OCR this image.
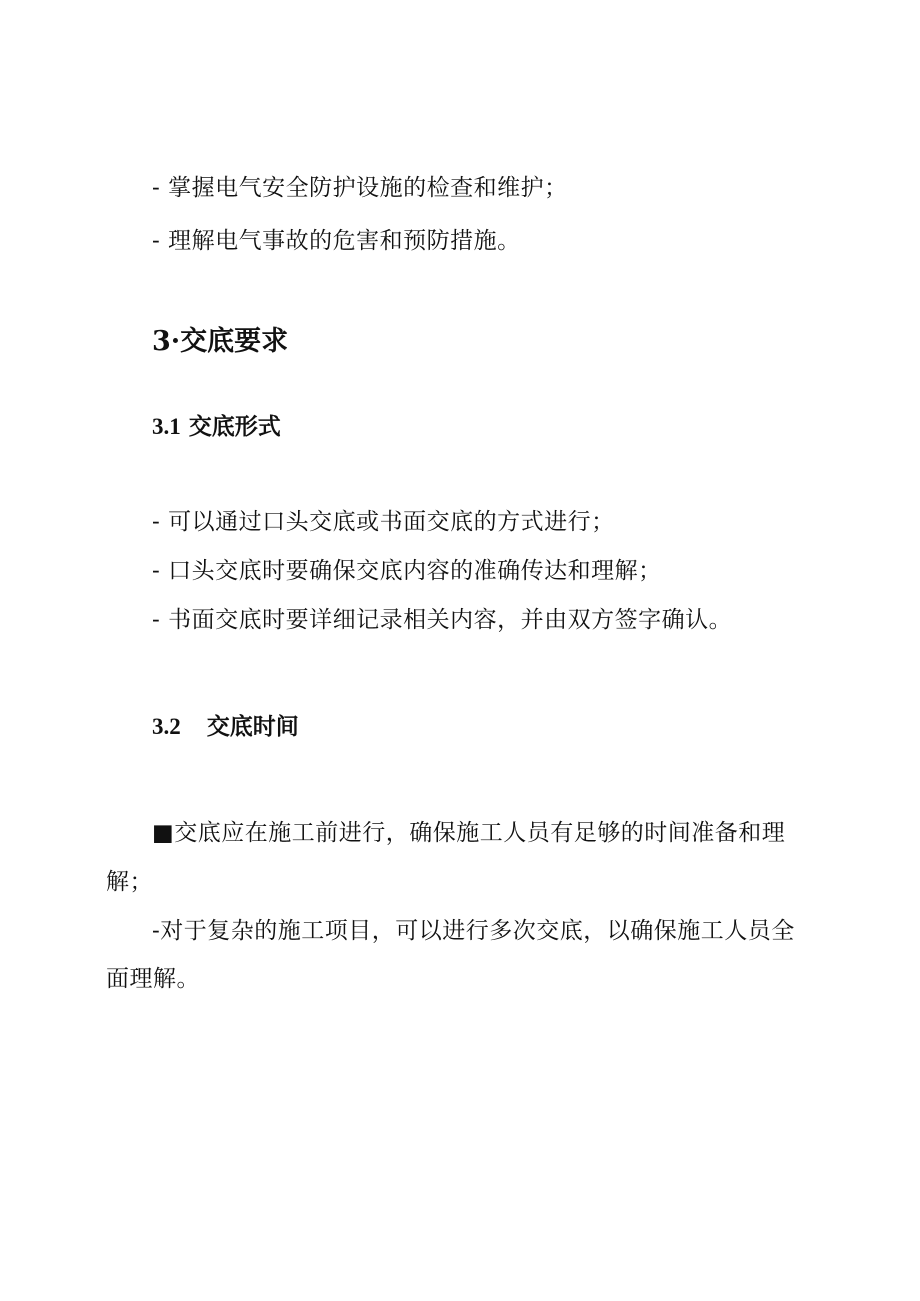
- 掌握电气安全防护设施的检查和维护；
- 理解电气事故的危害和预防措施。
3·交底要求
3.1 交底形式
- 可以通过口头交底或书面交底的方式进行；
- 口头交底时要确保交底内容的准确传达和理解；
- 书面交底时要详细记录相关内容，并由双方签字确认。
3.2 交底时间
■交底应在施工前进行，确保施工人员有足够的时间准备和理
解；
-对于复杂的施工项目，可以进行多次交底，以确保施工人员全
面理解。
